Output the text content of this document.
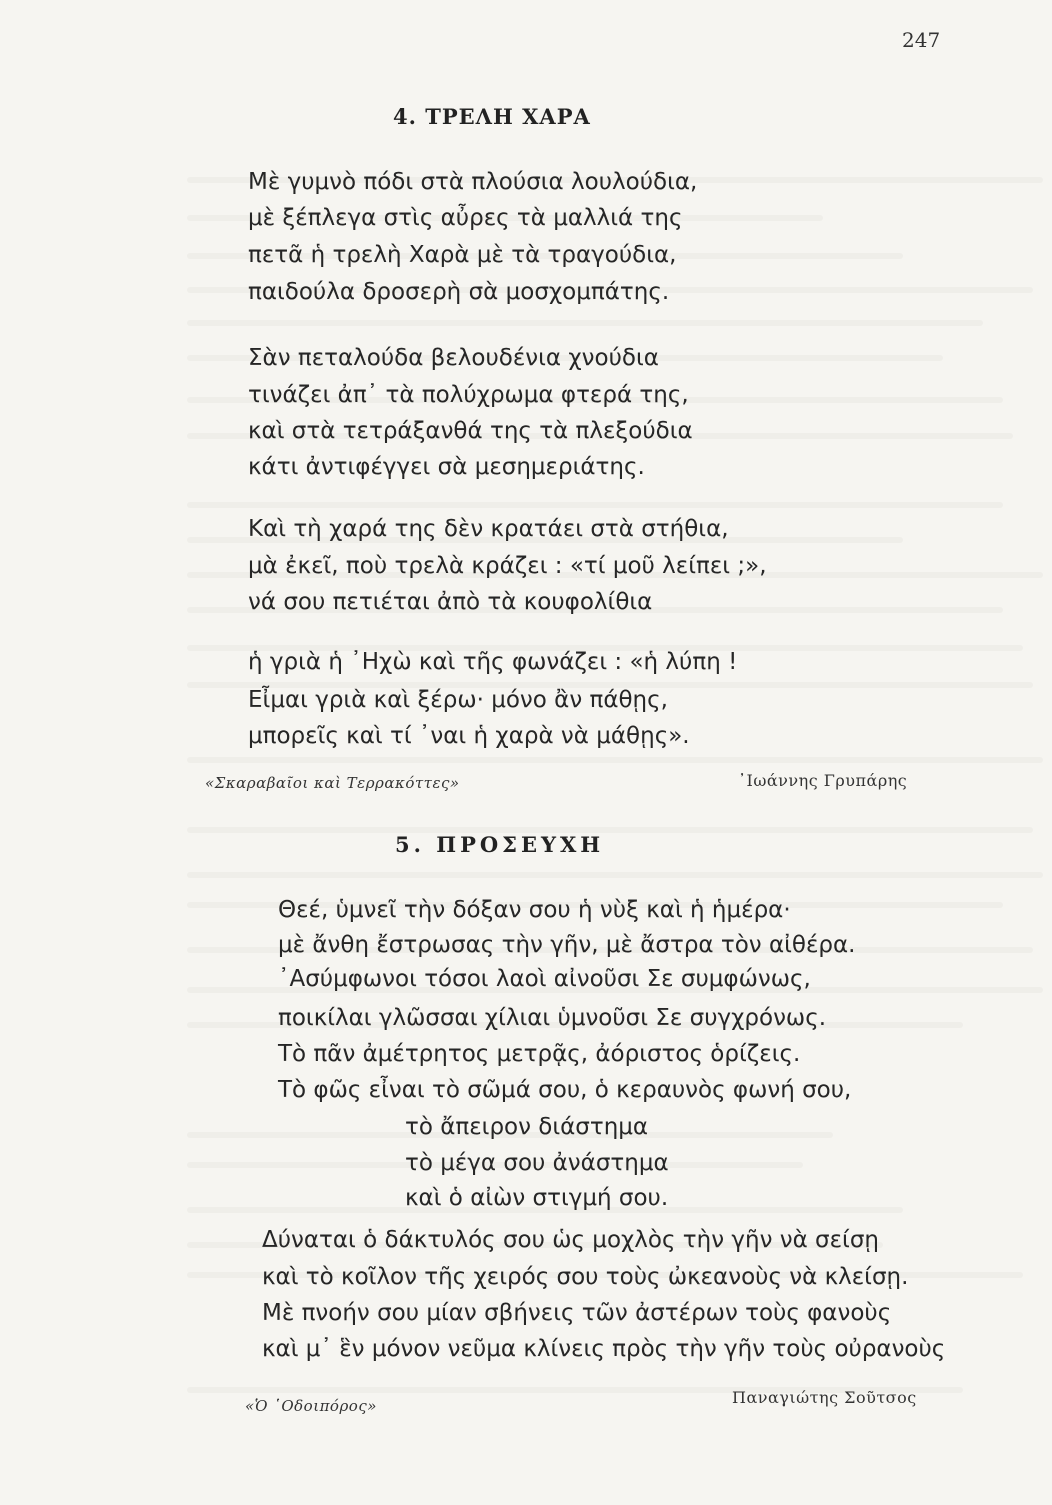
247
4. ΤΡΕΛΗ ΧΑΡΑ
Μὲ γυμνὸ πόδι στὰ πλούσια λουλούδια,
μὲ ξέπλεγα στὶς αὖρες τὰ μαλλιά της
πετᾶ ἡ τρελὴ Χαρὰ μὲ τὰ τραγούδια,
παιδούλα δροσερὴ σὰ μοσχομπάτης.
Σὰν πεταλούδα βελουδένια χνούδια
τινάζει ἀπ᾿ τὰ πολύχρωμα φτερά της,
καὶ στὰ τετράξανθά της τὰ πλεξούδια
κάτι ἀντιφέγγει σὰ μεσημεριάτης.
Καὶ τὴ χαρά της δὲν κρατάει στὰ στήθια,
μὰ ἐκεῖ, ποὺ τρελὰ κράζει : «τί μοῦ λείπει ;»,
νά σου πετιέται ἀπὸ τὰ κουφολίθια
ἡ γριὰ ἡ ᾿Ηχὼ καὶ τῆς φωνάζει : «ἡ λύπη !
Εἶμαι γριὰ καὶ ξέρω· μόνο ἂν πάθῃς,
μπορεῖς καὶ τί ᾿ναι ἡ χαρὰ νὰ μάθῃς».
«Σκαραβαῖοι καὶ Τερρακόττες»	᾿Ιωάννης Γρυπάρης
5. ΠΡΟΣΕΥΧΗ
Θεέ, ὑμνεῖ τὴν δόξαν σου ἡ νὺξ καὶ ἡ ἡμέρα·
μὲ ἄνθη ἔστρωσας τὴν γῆν, μὲ ἄστρα τὸν αἰθέρα.
᾿Ασύμφωνοι τόσοι λαοὶ αἰνοῦσι Σε συμφώνως,
ποικίλαι γλῶσσαι χίλιαι ὑμνοῦσι Σε συγχρόνως.
Τὸ πᾶν ἀμέτρητος μετρᾷς, ἀόριστος ὁρίζεις.
Τὸ φῶς εἶναι τὸ σῶμά σου, ὁ κεραυνὸς φωνή σου,
τὸ ἄπειρον διάστημα
τὸ μέγα σου ἀνάστημα
καὶ ὁ αἰὼν στιγμή σου.
Δύναται ὁ δάκτυλός σου ὡς μοχλὸς τὴν γῆν νὰ σείσῃ
καὶ τὸ κοῖλον τῆς χειρός σου τοὺς ὠκεανοὺς νὰ κλείσῃ.
Μὲ πνοήν σου μίαν σβήνεις τῶν ἀστέρων τοὺς φανοὺς
καὶ μ᾿ ἓν μόνον νεῦμα κλίνεις πρὸς τὴν γῆν τοὺς οὐρανοὺς
«Ὁ ῾Οδοιπόρος»	Παναγιώτης Σοῦτσος
